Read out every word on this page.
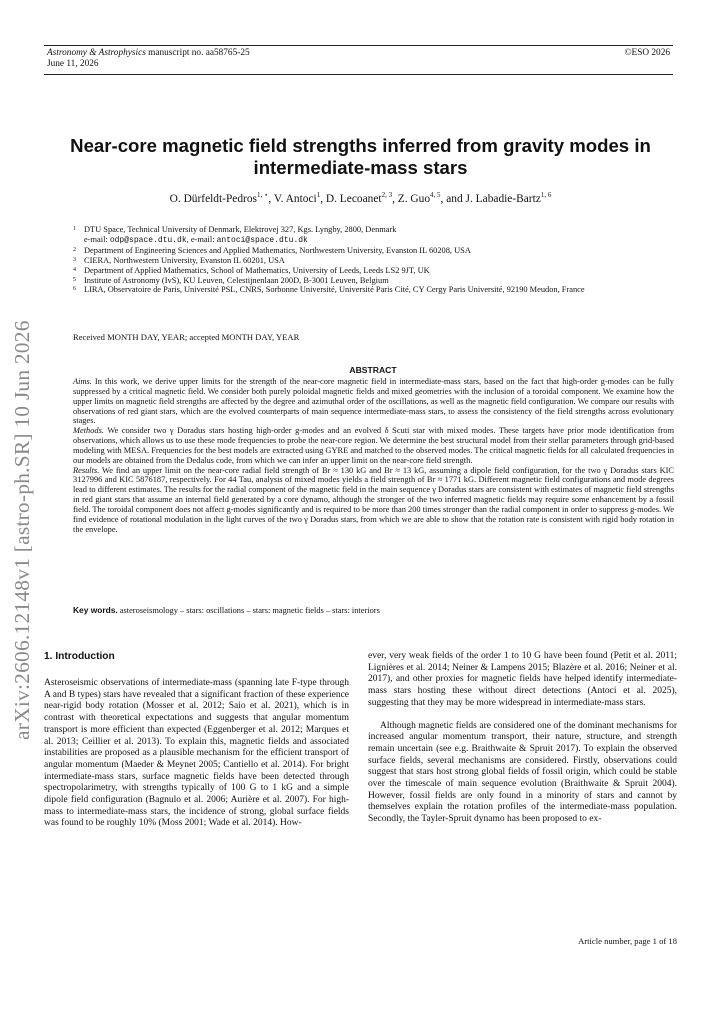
Astronomy & Astrophysics manuscript no. aa58765-25
June 11, 2026
©ESO 2026
arXiv:2606.12148v1 [astro-ph.SR] 10 Jun 2026
Near-core magnetic field strengths inferred from gravity modes in
intermediate-mass stars
O. Dürfeldt-Pedros$^{1, ⋆}$, V. Antoci$^1$, D. Lecoanet$^{2, 3}$, Z. Guo$^{4, 5}$, and J. Labadie-Bartz$^{1, 6}$
1 DTU Space, Technical University of Denmark, Elektrovej 327, Kgs. Lyngby, 2800, Denmark
e-mail: odp@space.dtu.dk, e-mail: antoci@space.dtu.dk
2 Department of Engineering Sciences and Applied Mathematics, Northwestern University, Evanston IL 60208, USA
3 CIERA, Northwestern University, Evanston IL 60201, USA
4 Department of Applied Mathematics, School of Mathematics, University of Leeds, Leeds LS2 9JT, UK
5 Institute of Astronomy (IvS), KU Leuven, Celestijnenlaan 200D, B-3001 Leuven, Belgium
6 LIRA, Observatoire de Paris, Université PSL, CNRS, Sorbonne Université, Université Paris Cité, CY Cergy Paris Université, 92190 Meudon, France
Received MONTH DAY, YEAR; accepted MONTH DAY, YEAR
ABSTRACT

Aims. In this work, we derive upper limits for the strength of the near-core magnetic field in intermediate-mass stars, based on the fact that high-order g-modes can be fully suppressed by a critical magnetic field. We consider both purely poloidal magnetic fields and mixed geometries with the inclusion of a toroidal component. We examine how the upper limits on magnetic field strengths are affected by the degree and azimuthal order of the oscillations, as well as the magnetic field configuration. We compare our results with observations of red giant stars, which are the evolved counterparts of main sequence intermediate-mass stars, to assess the consistency of the field strengths across evolutionary stages.

Methods. We consider two γ Doradus stars hosting high-order g-modes and an evolved δ Scuti star with mixed modes. These targets have prior mode identification from observations, which allows us to use these mode frequencies to probe the near-core region. We determine the best structural model from their stellar parameters through grid-based modeling with MESA. Frequencies for the best models are extracted using GYRE and matched to the observed modes. The critical magnetic fields for all calculated frequencies in our models are obtained from the Dedalus code, from which we can infer an upper limit on the near-core field strength.

Results. We find an upper limit on the near-core radial field strength of Br ≈ 130 kG and Br ≈ 13 kG, assuming a dipole field configuration, for the two γ Doradus stars KIC 3127996 and KIC 5876187, respectively. For 44 Tau, analysis of mixed modes yields a field strength of Br ≈ 1771 kG. Different magnetic field configurations and mode degrees lead to different estimates. The results for the radial component of the magnetic field in the main sequence γ Doradus stars are consistent with estimates of magnetic field strengths in red giant stars that assume an internal field generated by a core dynamo, although the stronger of the two inferred magnetic fields may require some enhancement by a fossil field. The toroidal component does not affect g-modes significantly and is required to be more than 200 times stronger than the radial component in order to suppress g-modes. We find evidence of rotational modulation in the light curves of the two γ Doradus stars, from which we are able to show that the rotation rate is consistent with rigid body rotation in the envelope.

Key words. asteroseismology – stars: oscillations – stars: magnetic fields – stars: interiors
1. Introduction

Asteroseismic observations of intermediate-mass (spanning late F-type through A and B types) stars have revealed that a significant fraction of these experience near-rigid body rotation (Mosser et al. 2012; Saio et al. 2021), which is in contrast with theoretical expectations and suggests that angular momentum transport is more efficient than expected (Eggenberger et al. 2012; Marques et al. 2013; Ceillier et al. 2013). To explain this, magnetic fields and associated instabilities are proposed as a plausible mechanism for the efficient transport of angular momentum (Maeder & Meynet 2005; Cantiello et al. 2014). For bright intermediate-mass stars, surface magnetic fields have been detected through spectropolarimetry, with strengths typically of 100 G to 1 kG and a simple dipole field configuration (Bagnulo et al. 2006; Aurière et al. 2007). For high-mass to intermediate-mass stars, the incidence of strong, global surface fields was found to be roughly 10% (Moss 2001; Wade et al. 2014). How-

ever, very weak fields of the order 1 to 10 G have been found (Petit et al. 2011; Lignières et al. 2014; Neiner & Lampens 2015; Blazère et al. 2016; Neiner et al. 2017), and other proxies for magnetic fields have helped identify intermediate-mass stars hosting these without direct detections (Antoci et al. 2025), suggesting that they may be more widespread in intermediate-mass stars.

Although magnetic fields are considered one of the dominant mechanisms for increased angular momentum transport, their nature, structure, and strength remain uncertain (see e.g. Braithwaite & Spruit 2017). To explain the observed surface fields, several mechanisms are considered. Firstly, observations could suggest that stars host strong global fields of fossil origin, which could be stable over the timescale of main sequence evolution (Braithwaite & Spruit 2004). However, fossil fields are only found in a minority of stars and cannot by themselves explain the rotation profiles of the intermediate-mass population. Secondly, the Tayler-Spruit dynamo has been proposed to ex-

Article number, page 1 of 18
